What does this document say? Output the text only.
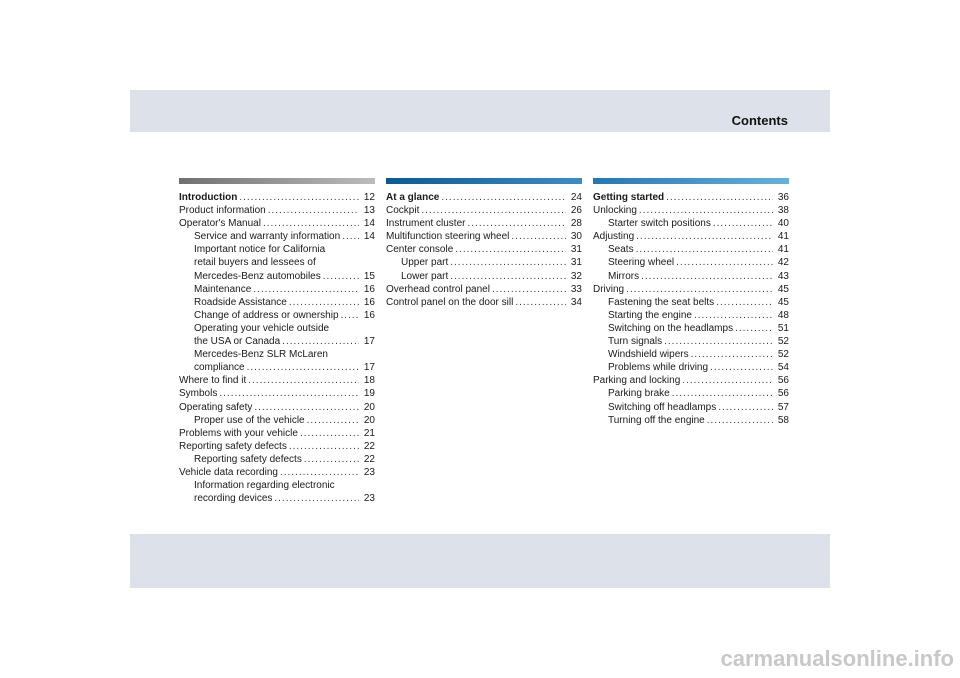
Contents
Introduction .....	12
Product information .....	13
Operator's Manual .....	14
Service and warranty information ..... 14
Important notice for California
retail buyers and lessees of
Mercedes-Benz automobiles .....	15
Maintenance .....	16
Roadside Assistance .....	16
Change of address or ownership .....	16
Operating your vehicle outside
the USA or Canada .....	17
Mercedes-Benz SLR McLaren
compliance .....	17
Where to find it .....	18
Symbols .....	19
Operating safety .....	20
Proper use of the vehicle .....	20
Problems with your vehicle .....	21
Reporting safety defects .....	22
Reporting safety defects .....	22
Vehicle data recording .....	23
Information regarding electronic
recording devices .....	23
At a glance .....	24
Cockpit .....	26
Instrument cluster .....	28
Multifunction steering wheel .....	30
Center console .....	31
Upper part .....	31
Lower part .....	32
Overhead control panel .....	33
Control panel on the door sill .....	34
Getting started .....	36
Unlocking .....	38
Starter switch positions .....	40
Adjusting .....	41
Seats .....	41
Steering wheel .....	42
Mirrors .....	43
Driving .....	45
Fastening the seat belts .....	45
Starting the engine .....	48
Switching on the headlamps .....	51
Turn signals .....	52
Windshield wipers .....	52
Problems while driving .....	54
Parking and locking .....	56
Parking brake .....	56
Switching off headlamps .....	57
Turning off the engine .....	58
carmanualsonline.info
